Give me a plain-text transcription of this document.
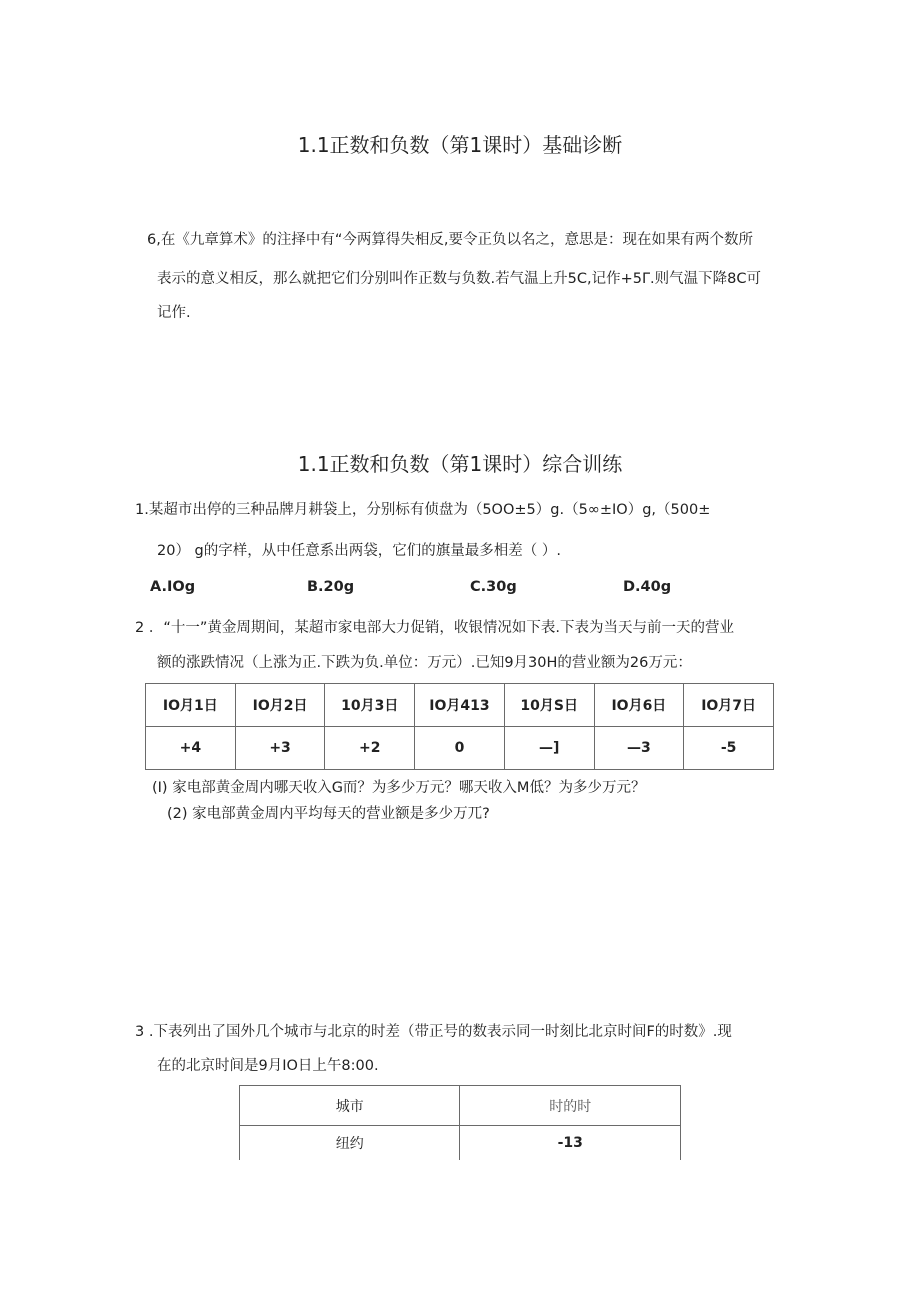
1.1正数和负数（第1课时）基础诊断
6,在《九章算术》的注择中有“今两算得失相反,要令正负以名之，意思是：现在如果有两个数所
表示的意义相反，那么就把它们分别叫作正数与负数.若气温上升5C,记作+5Γ.则气温下降8C可
记作.
1.1正数和负数（第1课时）综合训练
1.某超市出停的三种品牌月耕袋上，分别标有侦盘为（5OO±5）g.（5∞±IO）g,（500±
20） g的字样，从中任意系出两袋，它们的旗量最多相差（ ）.
A.IOg	B.20g	C.30g	D.40g
2 ．“十一”黄金周期间，某超市家电部大力促销，收银情况如下表.下表为当天与前一天的营业
额的涨跌情况（上涨为正.下跌为负.单位：万元）.已知9月30H的营业额为26万元：
IO月1日	IO月2日	10月3日	IO月413	10月S日	IO月6日	IO月7日
+4	+3	+2	0	—]	—3	-5
(I) 家电部黄金周内哪天收入G而？为多少万元？哪天收入M低？为多少万元？
(2) 家电部黄金周内平均每天的营业额是多少万兀?
3 .下表列出了国外几个城市与北京的时差（带正号的数表示同一时刻比北京时间F的时数》.现
在的北京时间是9月IO日上午8:00.
城市	时的时
纽约	-13
